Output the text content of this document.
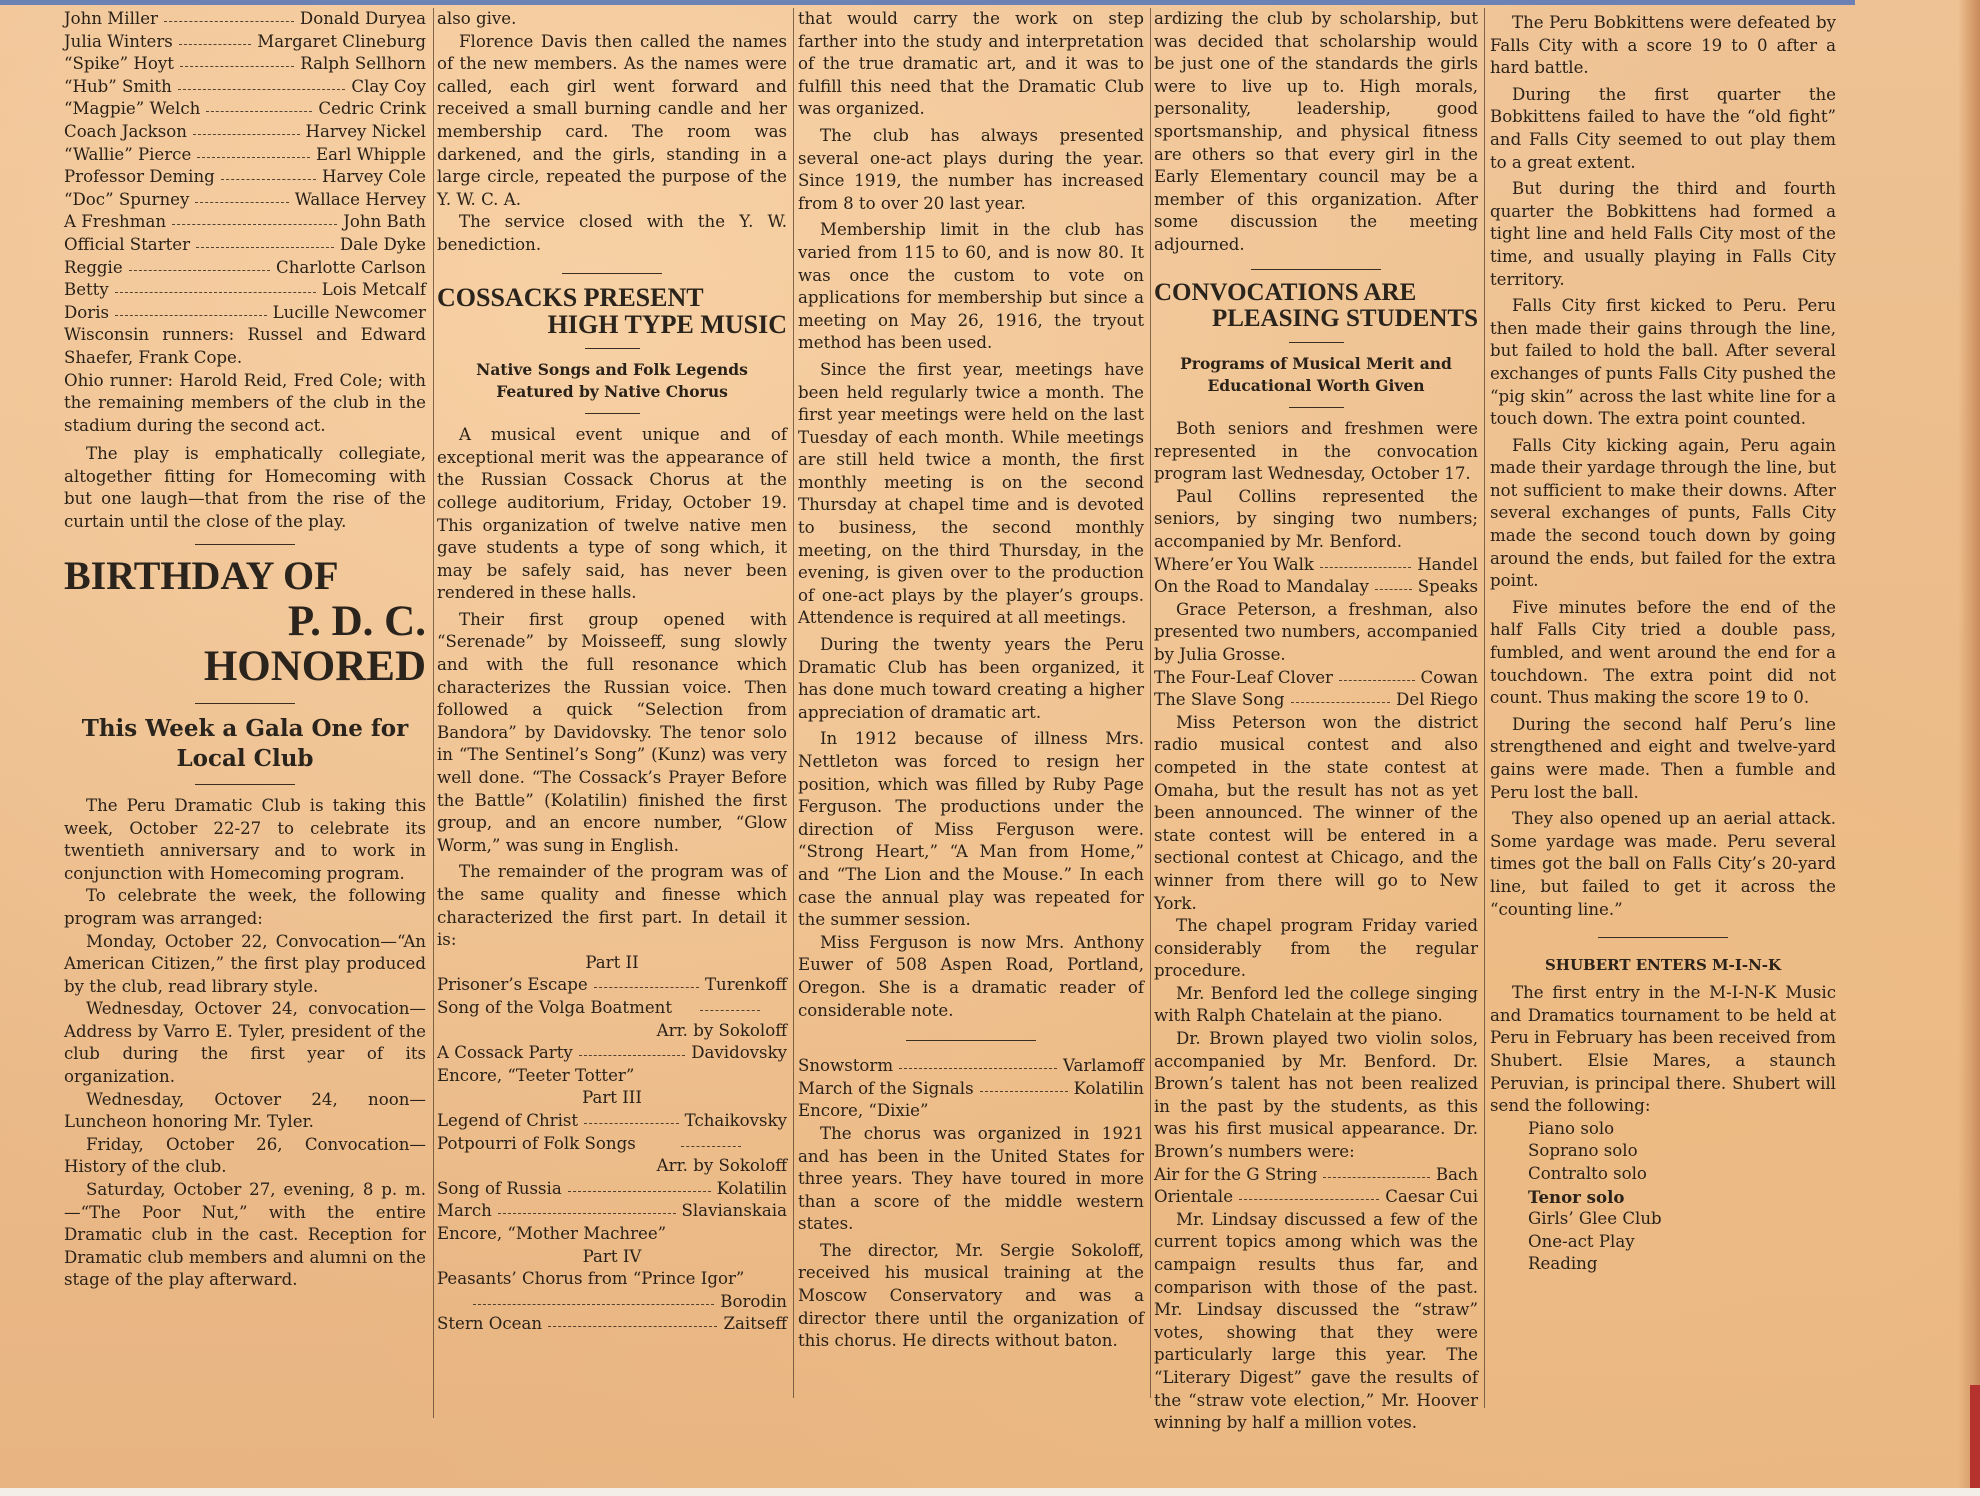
John Miller	Donald Duryea
Julia Winters	Margaret Clineburg
“Spike” Hoyt	Ralph Sellhorn
“Hub” Smith	Clay Coy
“Magpie” Welch	Cedric Crink
Coach Jackson	Harvey Nickel
“Wallie” Pierce	Earl Whipple
Professor Deming	Harvey Cole
“Doc” Spurney	Wallace Hervey
A Freshman	John Bath
Official Starter	Dale Dyke
Reggie	Charlotte Carlson
Betty	Lois Metcalf
Doris	Lucille Newcomer

Wisconsin runners: Russel and Edward Shaefer, Frank Cope.

Ohio runner: Harold Reid, Fred Cole; with the remaining members of the club in the stadium during the second act.

The play is emphatically collegiate, altogether fitting for Homecoming with but one laugh—that from the rise of the curtain until the close of the play.

BIRTHDAY OF
P. D. C. HONORED
This Week a Gala One for Local Club

The Peru Dramatic Club is taking this week, October 22-27 to celebrate its twentieth anniversary and to work in conjunction with Homecoming program.

To celebrate the week, the following program was arranged:

Monday, October 22, Convocation—“An American Citizen,” the first play produced by the club, read library style.

Wednesday, Octover 24, convocation—Address by Varro E. Tyler, president of the club during the first year of its organization.

Wednesday, Octover 24, noon—Luncheon honoring Mr. Tyler.

Friday, October 26, Convocation—History of the club.

Saturday, October 27, evening, 8 p. m.—“The Poor Nut,” with the entire Dramatic club in the cast. Reception for Dramatic club members and alumni on the stage of the play afterward.

also give.

Florence Davis then called the names of the new members. As the names were called, each girl went forward and received a small burning candle and her membership card. The room was darkened, and the girls, standing in a large circle, repeated the purpose of the Y. W. C. A.

The service closed with the Y. W. benediction.

COSSACKS PRESENT
HIGH TYPE MUSIC
Native Songs and Folk Legends Featured by Native Chorus

A musical event unique and of exceptional merit was the appearance of the Russian Cossack Chorus at the college auditorium, Friday, October 19. This organization of twelve native men gave students a type of song which, it may be safely said, has never been rendered in these halls.

Their first group opened with “Serenade” by Moisseeff, sung slowly and with the full resonance which characterizes the Russian voice. Then followed a quick “Selection from Bandora” by Davidovsky. The tenor solo in “The Sentinel’s Song” (Kunz) was very well done. “The Cossack’s Prayer Before the Battle” (Kolatilin) finished the first group, and an encore number, “Glow Worm,” was sung in English.

The remainder of the program was of the same quality and finesse which characterized the first part. In detail it is:

Part II
Prisoner’s Escape	Turenkoff
Song of the Volga Boatment
Arr. by Sokoloff
A Cossack Party	Davidovsky
Encore, “Teeter Totter”
Part III
Legend of Christ	Tchaikovsky
Potpourri of Folk Songs
Arr. by Sokoloff
Song of Russia	Kolatilin
March	Slavianskaia
Encore, “Mother Machree”
Part IV
Peasants’ Chorus from “Prince Igor”
Borodin
Stern Ocean	Zaitseff

that would carry the work on step farther into the study and interpretation of the true dramatic art, and it was to fulfill this need that the Dramatic Club was organized.

The club has always presented several one-act plays during the year. Since 1919, the number has increased from 8 to over 20 last year.

Membership limit in the club has varied from 115 to 60, and is now 80. It was once the custom to vote on applications for membership but since a meeting on May 26, 1916, the tryout method has been used.

Since the first year, meetings have been held regularly twice a month. The first year meetings were held on the last Tuesday of each month. While meetings are still held twice a month, the first monthly meeting is on the second Thursday at chapel time and is devoted to business, the second monthly meeting, on the third Thursday, in the evening, is given over to the production of one-act plays by the player’s groups. Attendence is required at all meetings.

During the twenty years the Peru Dramatic Club has been organized, it has done much toward creating a higher appreciation of dramatic art.

In 1912 because of illness Mrs. Nettleton was forced to resign her position, which was filled by Ruby Page Ferguson. The productions under the direction of Miss Ferguson were. “Strong Heart,” “A Man from Home,” and “The Lion and the Mouse.” In each case the annual play was repeated for the summer session.

Miss Ferguson is now Mrs. Anthony Euwer of 508 Aspen Road, Portland, Oregon. She is a dramatic reader of considerable note.

Snowstorm	Varlamoff
March of the Signals	Kolatilin
Encore, “Dixie”

The chorus was organized in 1921 and has been in the United States for three years. They have toured in more than a score of the middle western states.

The director, Mr. Sergie Sokoloff, received his musical training at the Moscow Conservatory and was a director there until the organization of this chorus. He directs without baton.

ardizing the club by scholarship, but was decided that scholarship would be just one of the standards the girls were to live up to. High morals, personality, leadership, good sportsmanship, and physical fitness are others so that every girl in the Early Elementary council may be a member of this organization. After some discussion the meeting adjourned.

CONVOCATIONS ARE
PLEASING STUDENTS
Programs of Musical Merit and Educational Worth Given

Both seniors and freshmen were represented in the convocation program last Wednesday, October 17.

Paul Collins represented the seniors, by singing two numbers; accompanied by Mr. Benford.

Where’er You Walk	Handel
On the Road to Mandalay	Speaks

Grace Peterson, a freshman, also presented two numbers, accompanied by Julia Grosse.

The Four-Leaf Clover	Cowan
The Slave Song	Del Riego

Miss Peterson won the district radio musical contest and also competed in the state contest at Omaha, but the result has not as yet been announced. The winner of the state contest will be entered in a sectional contest at Chicago, and the winner from there will go to New York.

The chapel program Friday varied considerably from the regular procedure.

Mr. Benford led the college singing with Ralph Chatelain at the piano.

Dr. Brown played two violin solos, accompanied by Mr. Benford. Dr. Brown’s talent has not been realized in the past by the students, as this was his first musical appearance. Dr. Brown’s numbers were:

Air for the G String	Bach
Orientale	Caesar Cui

Mr. Lindsay discussed a few of the current topics among which was the campaign results thus far, and comparison with those of the past. Mr. Lindsay discussed the “straw” votes, showing that they were particularly large this year. The “Literary Digest” gave the results of the “straw vote election,” Mr. Hoover winning by half a million votes.

The Peru Bobkittens were defeated by Falls City with a score 19 to 0 after a hard battle.

During the first quarter the Bobkittens failed to have the “old fight” and Falls City seemed to out play them to a great extent.

But during the third and fourth quarter the Bobkittens had formed a tight line and held Falls City most of the time, and usually playing in Falls City territory.

Falls City first kicked to Peru. Peru then made their gains through the line, but failed to hold the ball. After several exchanges of punts Falls City pushed the “pig skin” across the last white line for a touch down. The extra point counted.

Falls City kicking again, Peru again made their yardage through the line, but not sufficient to make their downs. After several exchanges of punts, Falls City made the second touch down by going around the ends, but failed for the extra point.

Five minutes before the end of the half Falls City tried a double pass, fumbled, and went around the end for a touchdown. The extra point did not count. Thus making the score 19 to 0.

During the second half Peru’s line strengthened and eight and twelve-yard gains were made. Then a fumble and Peru lost the ball.

They also opened up an aerial attack. Some yardage was made. Peru several times got the ball on Falls City’s 20-yard line, but failed to get it across the “counting line.”

SHUBERT ENTERS M-I-N-K

The first entry in the M-I-N-K Music and Dramatics tournament to be held at Peru in February has been received from Shubert. Elsie Mares, a staunch Peruvian, is principal there. Shubert will send the following:

Piano solo
Soprano solo
Contralto solo
Tenor solo
Girls’ Glee Club
One-act Play
Reading
